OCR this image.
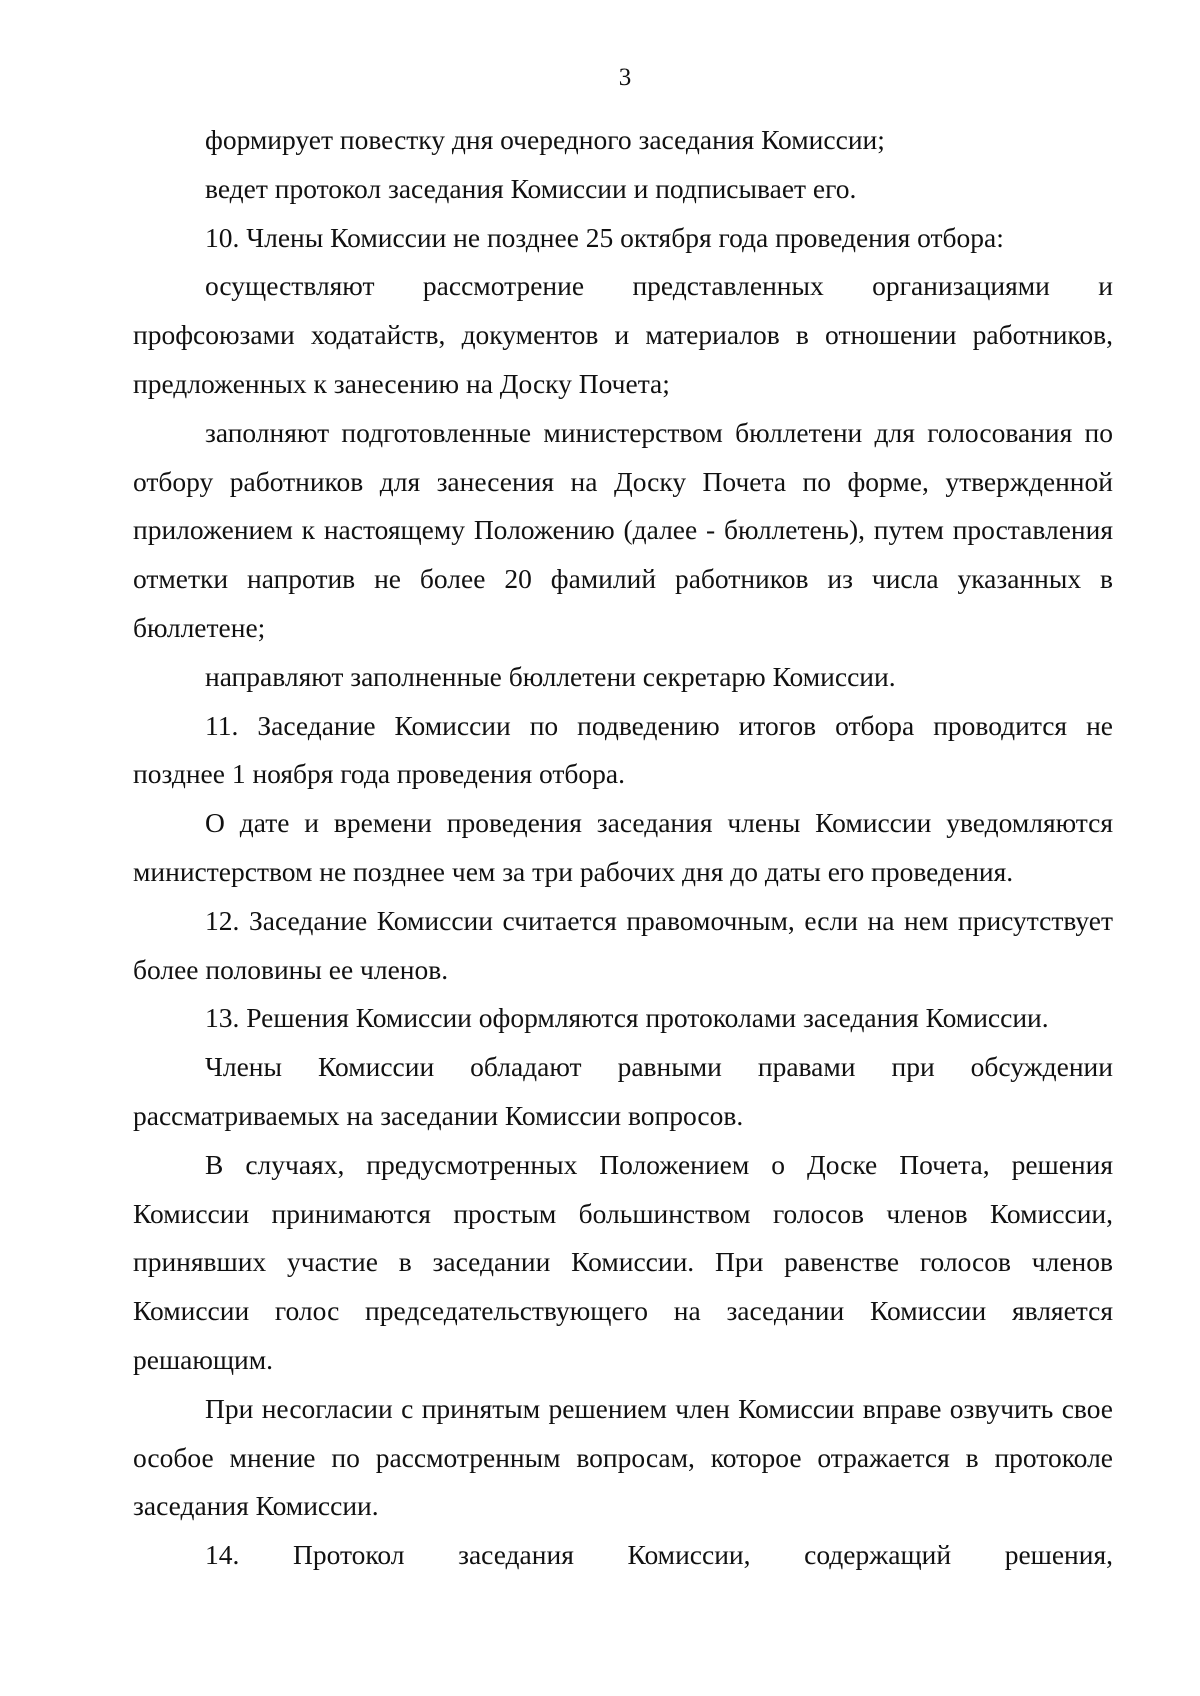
3

формирует повестку дня очередного заседания Комиссии;

ведет протокол заседания Комиссии и подписывает его.

10. Члены Комиссии не позднее 25 октября года проведения отбора:

осуществляют рассмотрение представленных организациями и профсоюзами ходатайств, документов и материалов в отношении работников, предложенных к занесению на Доску Почета;

заполняют подготовленные министерством бюллетени для голосования по отбору работников для занесения на Доску Почета по форме, утвержденной приложением к настоящему Положению (далее - бюллетень), путем проставления отметки напротив не более 20 фамилий работников из числа указанных в бюллетене;

направляют заполненные бюллетени секретарю Комиссии.

11. Заседание Комиссии по подведению итогов отбора проводится не позднее 1 ноября года проведения отбора.

О дате и времени проведения заседания члены Комиссии уведомляются министерством не позднее чем за три рабочих дня до даты его проведения.

12. Заседание Комиссии считается правомочным, если на нем присутствует более половины ее членов.

13. Решения Комиссии оформляются протоколами заседания Комиссии.

Члены Комиссии обладают равными правами при обсуждении рассматриваемых на заседании Комиссии вопросов.

В случаях, предусмотренных Положением о Доске Почета, решения Комиссии принимаются простым большинством голосов членов Комиссии, принявших участие в заседании Комиссии. При равенстве голосов членов Комиссии голос председательствующего на заседании Комиссии является решающим.

При несогласии с принятым решением член Комиссии вправе озвучить свое особое мнение по рассмотренным вопросам, которое отражается в протоколе заседания Комиссии.

14. Протокол заседания Комиссии, содержащий решения,
